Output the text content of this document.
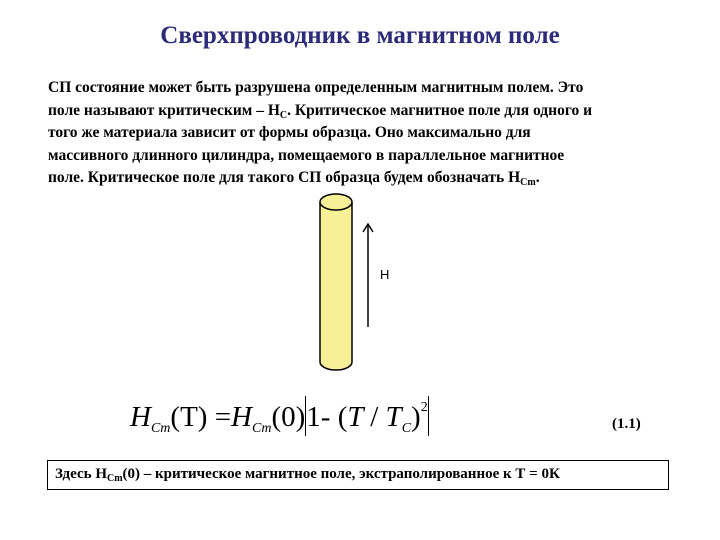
Сверхпроводник в магнитном поле
СП состояние может быть разрушена определенным магнитным полем. Это
поле называют критическим – $Н_С$. Критическое магнитное поле для одного и
того же материала зависит от формы образца. Оно максимально для
массивного длинного цилиндра, помещаемого в параллельное магнитное
поле. Критическое поле для такого СП образца будем обозначать $Н_{Cm}$.
H
$H_{Cm}(T) =H_{Cm}(0)1-$ $(T / T_C)^2$
(1.1)
Здесь $Н_{Cm}(0)$ – критическое магнитное поле, экстраполированное к Т = 0К
